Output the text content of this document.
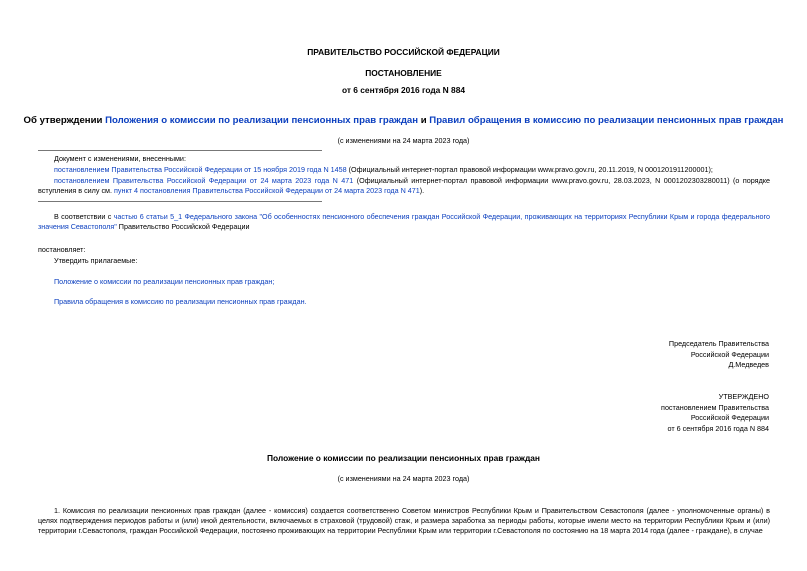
ПРАВИТЕЛЬСТВО РОССИЙСКОЙ ФЕДЕРАЦИИ
ПОСТАНОВЛЕНИЕ
от 6 сентября 2016 года N 884
Об утверждении Положения о комиссии по реализации пенсионных прав граждан и Правил обращения в комиссию по реализации пенсионных прав граждан
(с изменениями на 24 марта 2023 года)
Документ с изменениями, внесенными:
постановлением Правительства Российской Федерации от 15 ноября 2019 года N 1458 (Официальный интернет-портал правовой информации www.pravo.gov.ru, 20.11.2019, N 0001201911200001);
постановлением Правительства Российской Федерации от 24 марта 2023 года N 471 (Официальный интернет-портал правовой информации www.pravo.gov.ru, 28.03.2023, N 0001202303280011) (о порядке вступления в силу см. пункт 4 постановления Правительства Российской Федерации от 24 марта 2023 года N 471).
В соответствии с частью 6 статьи 5_1 Федерального закона "Об особенностях пенсионного обеспечения граждан Российской Федерации, проживающих на территориях Республики Крым и города федерального значения Севастополя" Правительство Российской Федерации
постановляет:
Утвердить прилагаемые:
Положение о комиссии по реализации пенсионных прав граждан;
Правила обращения в комиссию по реализации пенсионных прав граждан.
Председатель Правительства
Российской Федерации
Д.Медведев
УТВЕРЖДЕНО
постановлением Правительства
Российской Федерации
от 6 сентября 2016 года N 884
Положение о комиссии по реализации пенсионных прав граждан
(с изменениями на 24 марта 2023 года)
1. Комиссия по реализации пенсионных прав граждан (далее - комиссия) создается соответственно Советом министров Республики Крым и Правительством Севастополя (далее - уполномоченные органы) в целях подтверждения периодов работы и (или) иной деятельности, включаемых в страховой (трудовой) стаж, и размера заработка за периоды работы, которые имели место на территории Республики Крым и (или) территории г.Севастополя, граждан Российской Федерации, постоянно проживающих на территории Республики Крым или территории г.Севастополя по состоянию на 18 марта 2014 года (далее - граждане), в случае
